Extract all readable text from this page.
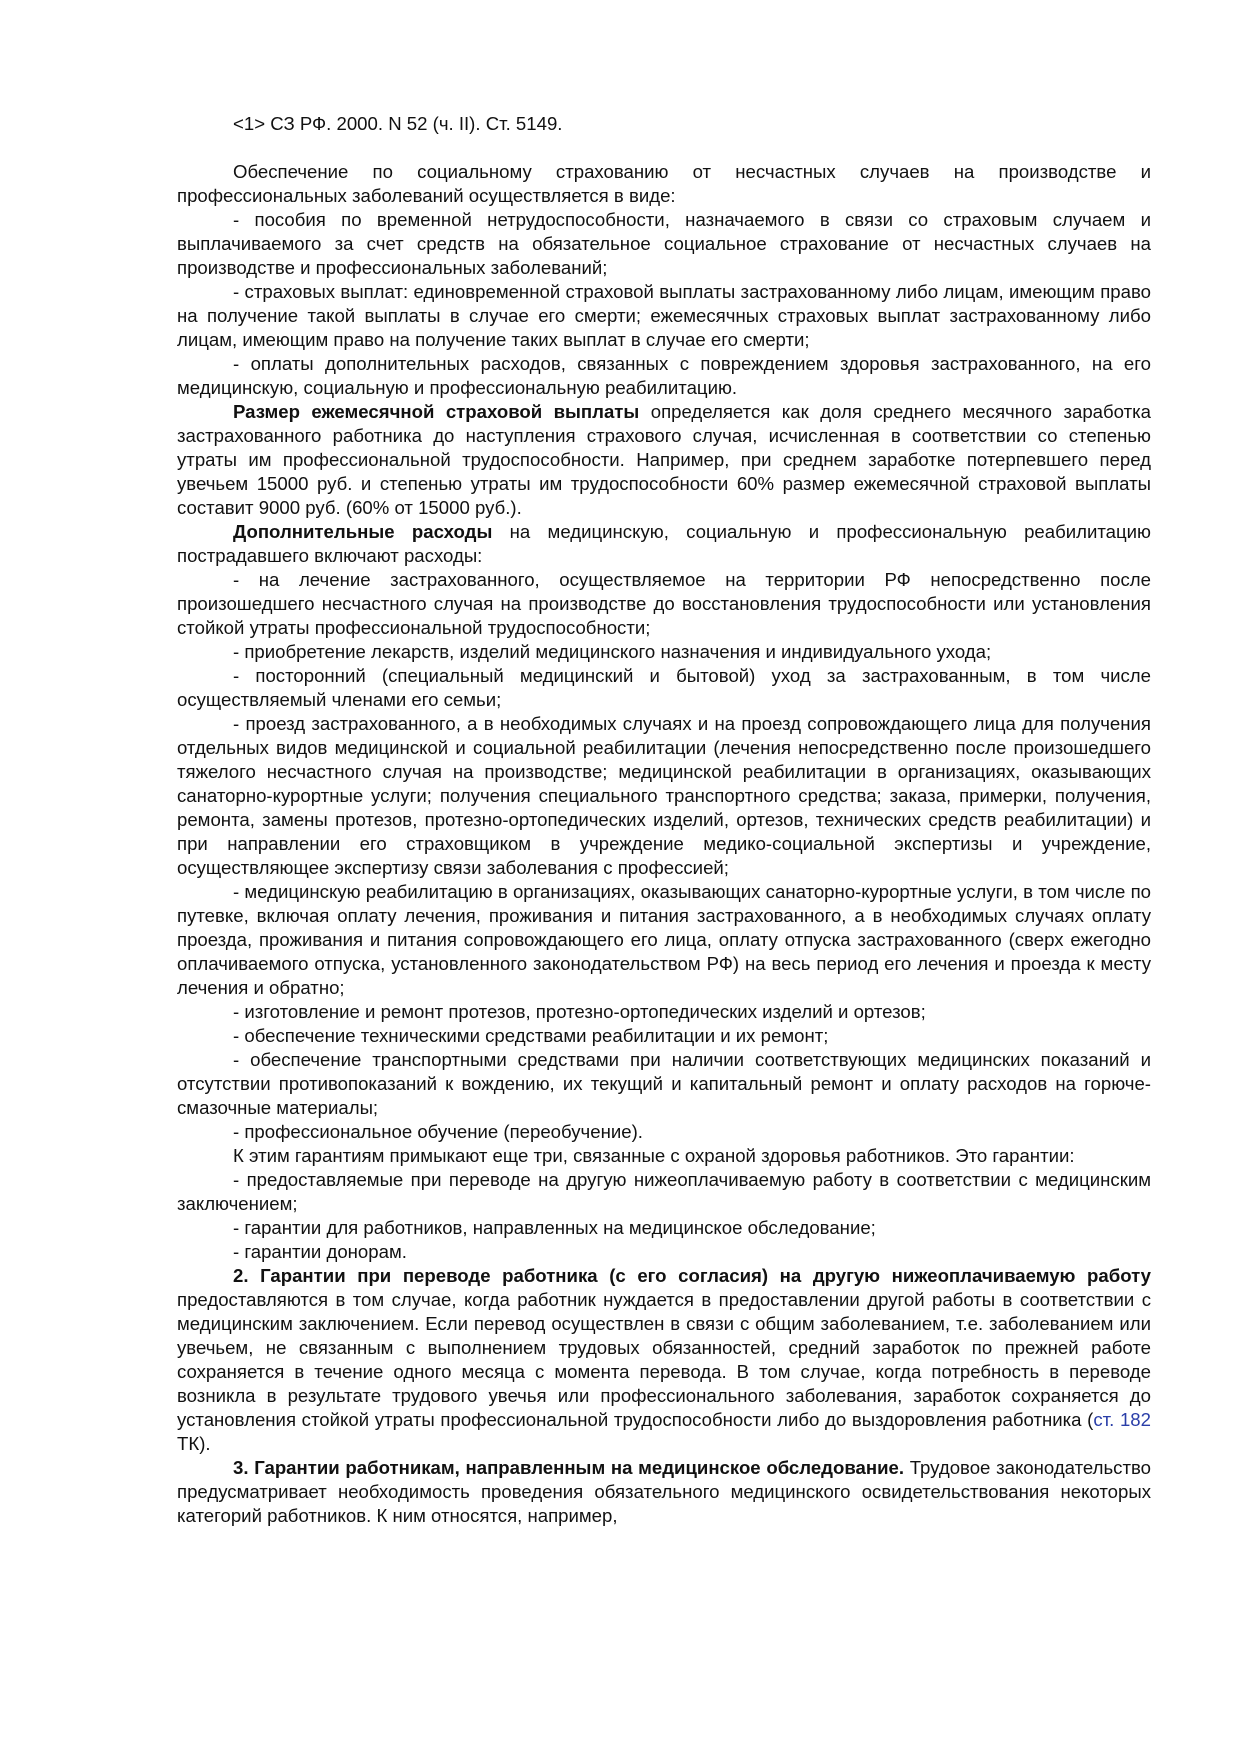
<1> СЗ РФ. 2000. N 52 (ч. II). Ст. 5149.

Обеспечение по социальному страхованию от несчастных случаев на производстве и профессиональных заболеваний осуществляется в виде:

- пособия по временной нетрудоспособности, назначаемого в связи со страховым случаем и выплачиваемого за счет средств на обязательное социальное страхование от несчастных случаев на производстве и профессиональных заболеваний;

- страховых выплат: единовременной страховой выплаты застрахованному либо лицам, имеющим право на получение такой выплаты в случае его смерти; ежемесячных страховых выплат застрахованному либо лицам, имеющим право на получение таких выплат в случае его смерти;

- оплаты дополнительных расходов, связанных с повреждением здоровья застрахованного, на его медицинскую, социальную и профессиональную реабилитацию.

Размер ежемесячной страховой выплаты определяется как доля среднего месячного заработка застрахованного работника до наступления страхового случая, исчисленная в соответствии со степенью утраты им профессиональной трудоспособности. Например, при среднем заработке потерпевшего перед увечьем 15000 руб. и степенью утраты им трудоспособности 60% размер ежемесячной страховой выплаты составит 9000 руб. (60% от 15000 руб.).

Дополнительные расходы на медицинскую, социальную и профессиональную реабилитацию пострадавшего включают расходы:

- на лечение застрахованного, осуществляемое на территории РФ непосредственно после произошедшего несчастного случая на производстве до восстановления трудоспособности или установления стойкой утраты профессиональной трудоспособности;

- приобретение лекарств, изделий медицинского назначения и индивидуального ухода;

- посторонний (специальный медицинский и бытовой) уход за застрахованным, в том числе осуществляемый членами его семьи;

- проезд застрахованного, а в необходимых случаях и на проезд сопровождающего лица для получения отдельных видов медицинской и социальной реабилитации (лечения непосредственно после произошедшего тяжелого несчастного случая на производстве; медицинской реабилитации в организациях, оказывающих санаторно-курортные услуги; получения специального транспортного средства; заказа, примерки, получения, ремонта, замены протезов, протезно-ортопедических изделий, ортезов, технических средств реабилитации) и при направлении его страховщиком в учреждение медико-социальной экспертизы и учреждение, осуществляющее экспертизу связи заболевания с профессией;

- медицинскую реабилитацию в организациях, оказывающих санаторно-курортные услуги, в том числе по путевке, включая оплату лечения, проживания и питания застрахованного, а в необходимых случаях оплату проезда, проживания и питания сопровождающего его лица, оплату отпуска застрахованного (сверх ежегодно оплачиваемого отпуска, установленного законодательством РФ) на весь период его лечения и проезда к месту лечения и обратно;

- изготовление и ремонт протезов, протезно-ортопедических изделий и ортезов;

- обеспечение техническими средствами реабилитации и их ремонт;

- обеспечение транспортными средствами при наличии соответствующих медицинских показаний и отсутствии противопоказаний к вождению, их текущий и капитальный ремонт и оплату расходов на горюче-смазочные материалы;

- профессиональное обучение (переобучение).

К этим гарантиям примыкают еще три, связанные с охраной здоровья работников. Это гарантии:

- предоставляемые при переводе на другую нижеоплачиваемую работу в соответствии с медицинским заключением;

- гарантии для работников, направленных на медицинское обследование;

- гарантии донорам.

2. Гарантии при переводе работника (с его согласия) на другую нижеоплачиваемую работу предоставляются в том случае, когда работник нуждается в предоставлении другой работы в соответствии с медицинским заключением. Если перевод осуществлен в связи с общим заболеванием, т.е. заболеванием или увечьем, не связанным с выполнением трудовых обязанностей, средний заработок по прежней работе сохраняется в течение одного месяца с момента перевода. В том случае, когда потребность в переводе возникла в результате трудового увечья или профессионального заболевания, заработок сохраняется до установления стойкой утраты профессиональной трудоспособности либо до выздоровления работника (ст. 182 ТК).

3. Гарантии работникам, направленным на медицинское обследование. Трудовое законодательство предусматривает необходимость проведения обязательного медицинского освидетельствования некоторых категорий работников. К ним относятся, например,
